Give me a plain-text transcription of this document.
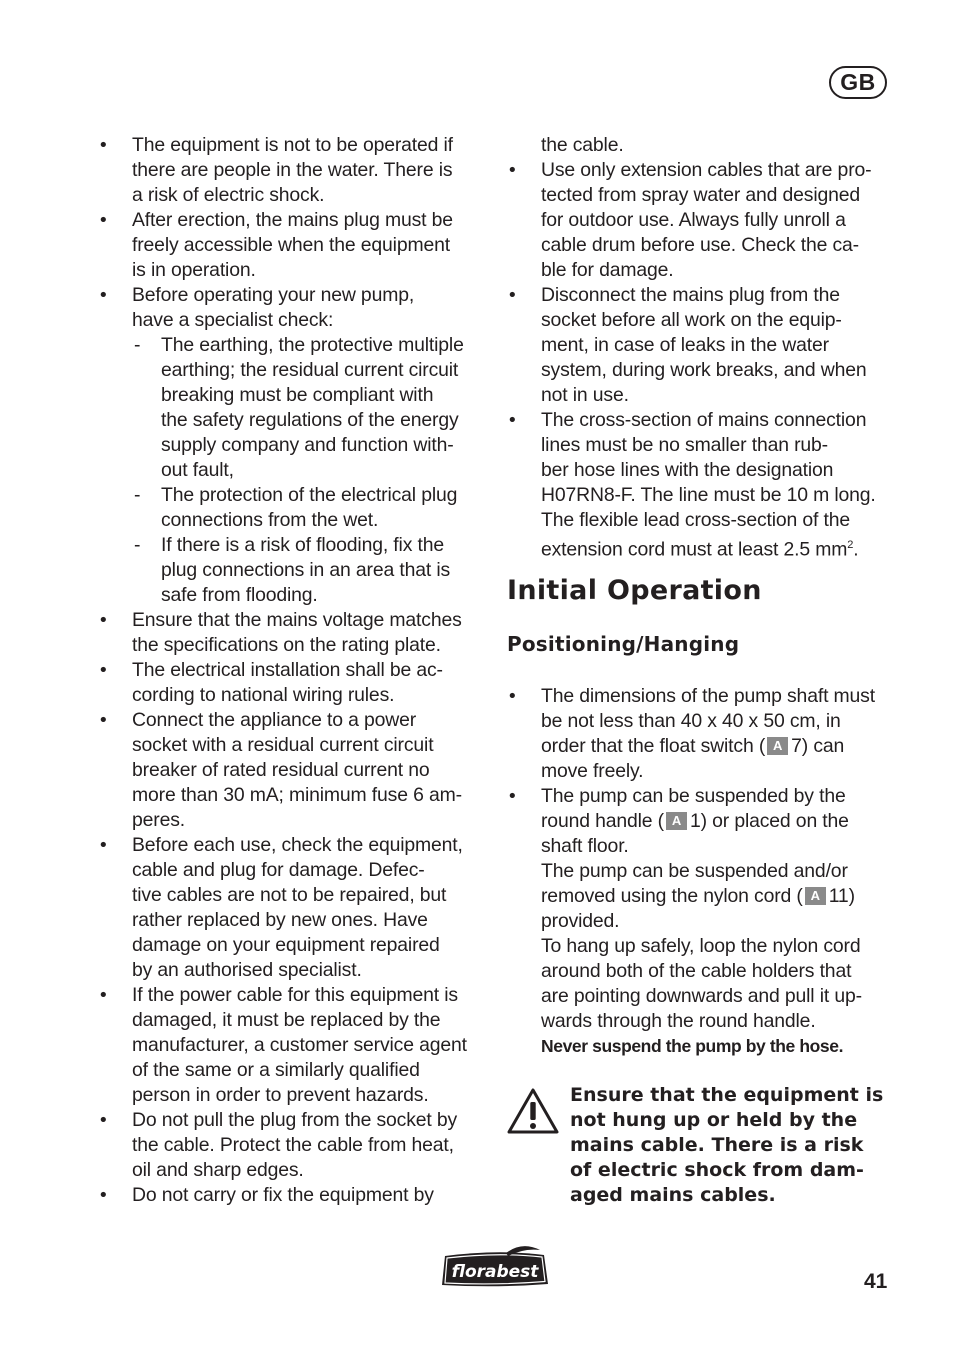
GB
• The equipment is not to be operated if
there are people in the water. There is
a risk of electric shock.
• After erection, the mains plug must be
freely accessible when the equipment
is in operation.
• Before operating your new pump,
have a specialist check:
- The earthing, the protective multiple
earthing; the residual current circuit
breaking must be compliant with
the safety regulations of the energy
supply company and function with-
out fault,
- The protection of the electrical plug
connections from the wet.
- If there is a risk of flooding, fix the
plug connections in an area that is
safe from flooding.
• Ensure that the mains voltage matches
the specifications on the rating plate.
• The electrical installation shall be ac-
cording to national wiring rules.
• Connect the appliance to a power
socket with a residual current circuit
breaker of rated residual current no
more than 30 mA; minimum fuse 6 am-
peres.
• Before each use, check the equipment,
cable and plug for damage. Defec-
tive cables are not to be repaired, but
rather replaced by new ones. Have
damage on your equipment repaired
by an authorised specialist.
• If the power cable for this equipment is
damaged, it must be replaced by the
manufacturer, a customer service agent
of the same or a similarly qualified
person in order to prevent hazards.
• Do not pull the plug from the socket by
the cable. Protect the cable from heat,
oil and sharp edges.
• Do not carry or fix the equipment by
the cable.
• Use only extension cables that are pro-
tected from spray water and designed
for outdoor use. Always fully unroll a
cable drum before use. Check the ca-
ble for damage.
• Disconnect the mains plug from the
socket before all work on the equip-
ment, in case of leaks in the water
system, during work breaks, and when
not in use.
• The cross-section of mains connection
lines must be no smaller than rub-
ber hose lines with the designation
H07RN8-F. The line must be 10 m long.
The flexible lead cross-section of the
extension cord must at least 2.5 $mm^2$.
Initial Operation
Positioning/Hanging
• The dimensions of the pump shaft must
be not less than 40 x 40 x 50 cm, in
order that the float switch ( A 7) can
move freely.
• The pump can be suspended by the
round handle ( A 1) or placed on the
shaft floor.
The pump can be suspended and/or
removed using the nylon cord ( A 11)
provided.
To hang up safely, loop the nylon cord
around both of the cable holders that
are pointing downwards and pull it up-
wards through the round handle.
Never suspend the pump by the hose.
Ensure that the equipment is
not hung up or held by the
mains cable. There is a risk
of electric shock from dam-
aged mains cables.
florabest	41
